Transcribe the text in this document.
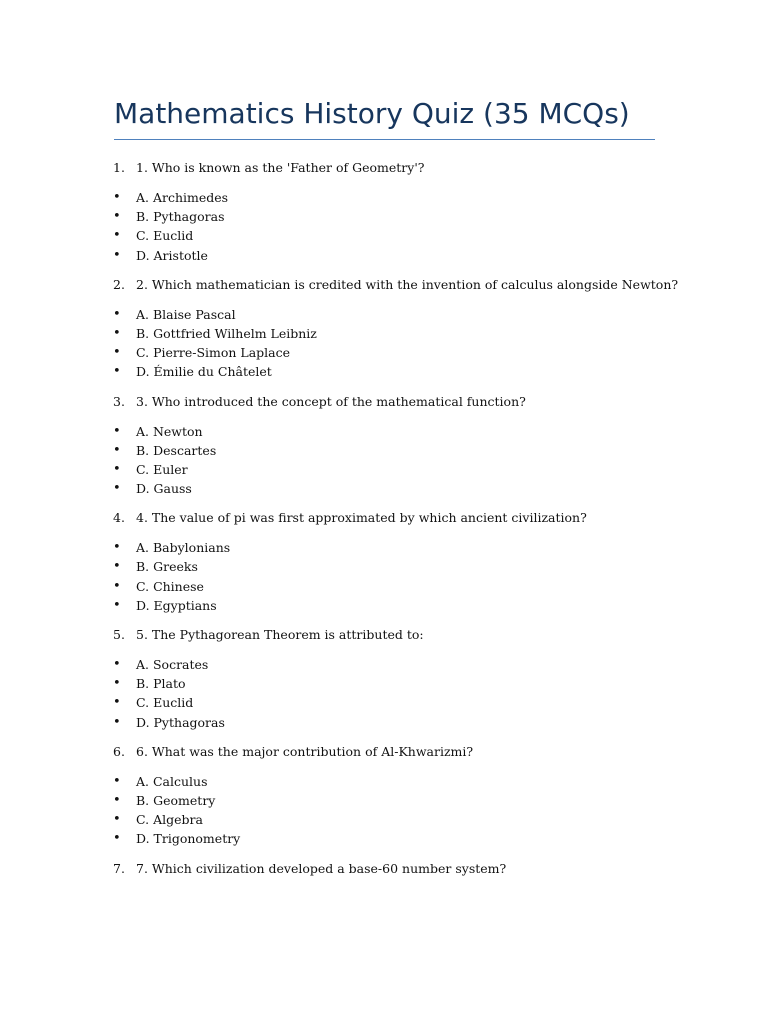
Mathematics History Quiz (35 MCQs)
1. 1. Who is known as the 'Father of Geometry'?
• A. Archimedes
• B. Pythagoras
• C. Euclid
• D. Aristotle
2. 2. Which mathematician is credited with the invention of calculus alongside Newton?
• A. Blaise Pascal
• B. Gottfried Wilhelm Leibniz
• C. Pierre-Simon Laplace
• D. Émilie du Châtelet
3. 3. Who introduced the concept of the mathematical function?
• A. Newton
• B. Descartes
• C. Euler
• D. Gauss
4. 4. The value of pi was first approximated by which ancient civilization?
• A. Babylonians
• B. Greeks
• C. Chinese
• D. Egyptians
5. 5. The Pythagorean Theorem is attributed to:
• A. Socrates
• B. Plato
• C. Euclid
• D. Pythagoras
6. 6. What was the major contribution of Al-Khwarizmi?
• A. Calculus
• B. Geometry
• C. Algebra
• D. Trigonometry
7. 7. Which civilization developed a base-60 number system?
